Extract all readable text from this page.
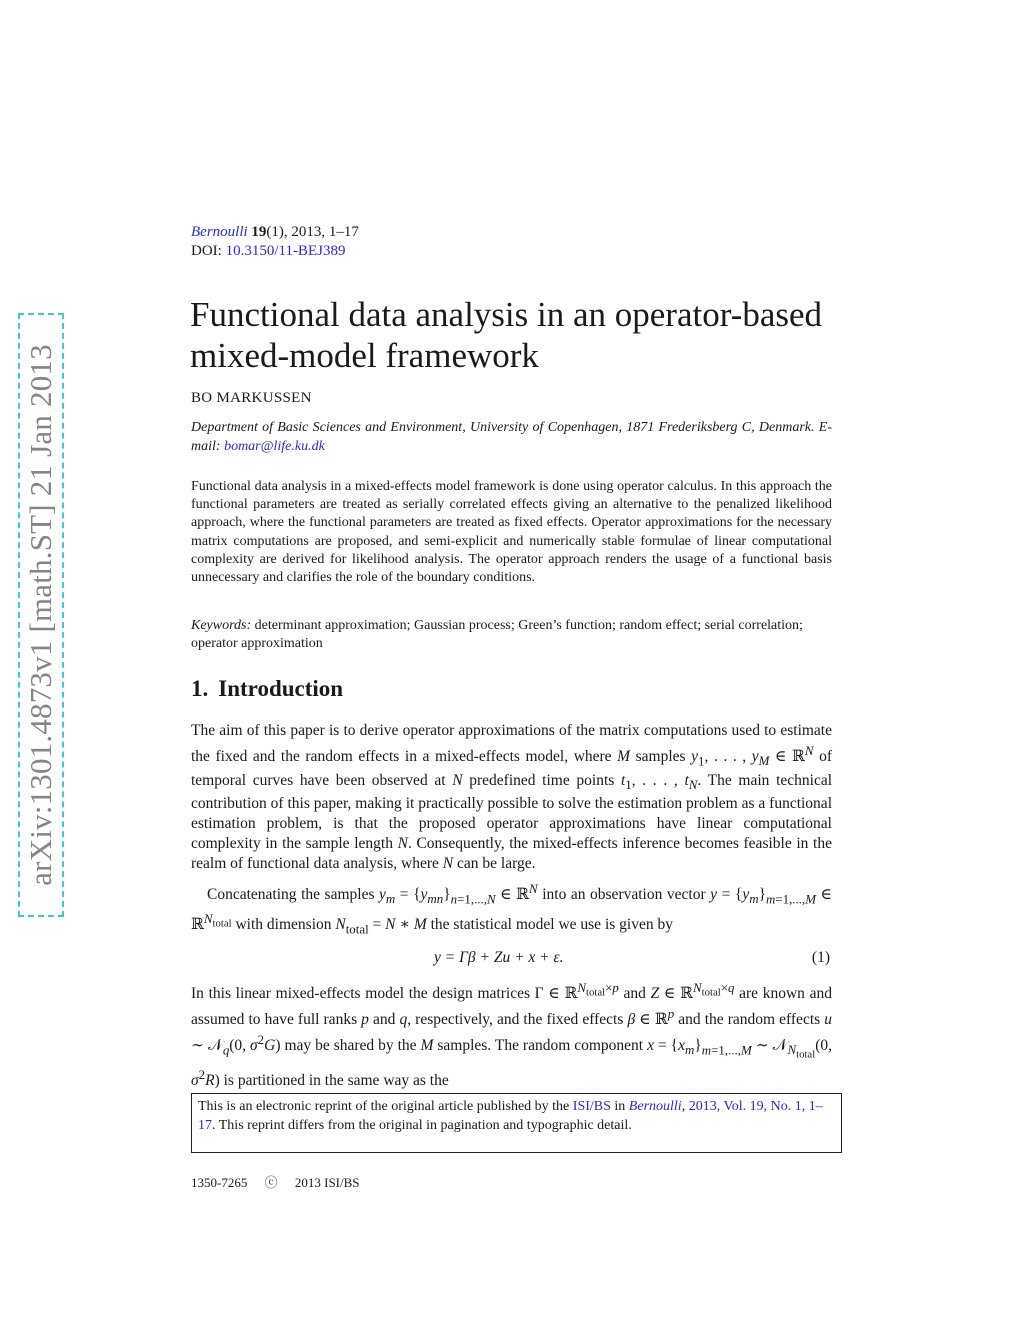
arXiv:1301.4873v1 [math.ST] 21 Jan 2013
Bernoulli 19(1), 2013, 1–17
DOI: 10.3150/11-BEJ389
Functional data analysis in an operator-based mixed-model framework
BO MARKUSSEN
Department of Basic Sciences and Environment, University of Copenhagen, 1871 Frederiksberg C, Denmark. E-mail: bomar@life.ku.dk

Functional data analysis in a mixed-effects model framework is done using operator calculus. In this approach the functional parameters are treated as serially correlated effects giving an alternative to the penalized likelihood approach, where the functional parameters are treated as fixed effects. Operator approximations for the necessary matrix computations are proposed, and semi-explicit and numerically stable formulae of linear computational complexity are derived for likelihood analysis. The operator approach renders the usage of a functional basis unnecessary and clarifies the role of the boundary conditions.

Keywords: determinant approximation; Gaussian process; Green’s function; random effect; serial correlation; operator approximation
1. Introduction

The aim of this paper is to derive operator approximations of the matrix computations used to estimate the fixed and the random effects in a mixed-effects model, where M samples $y_1$, . . . , $y_M$ ∈ ℝ$^N$ of temporal curves have been observed at N predefined time points $t_1$, . . . , $t_N$. The main technical contribution of this paper, making it practically possible to solve the estimation problem as a functional estimation problem, is that the proposed operator approximations have linear computational complexity in the sample length N. Consequently, the mixed-effects inference becomes feasible in the realm of functional data analysis, where N can be large.

Concatenating the samples $y_m = \{y_{mn}\}_{n=1,...,N}$ ∈ ℝ$^N$ into an observation vector $y = \{y_m\}_{m=1,...,M}$ ∈ ℝ$^{N_{total}}$ with dimension $N_{total} = N$ ∗ M the statistical model we use is given by

y = Γβ + Zu + x + ε.	(1)

In this linear mixed-effects model the design matrices Γ ∈ ℝ$^{N_{total}\times p}$ and Z ∈ ℝ$^{N_{total}\times q}$ are known and assumed to have full ranks p and q, respectively, and the fixed effects β ∈ ℝ$^p$ and the random effects u ∼ 𝒩$_q$(0, $\sigma^2G$) may be shared by the M samples. The random component $x = \{x_m\}_{m=1,...,M}$ ∼ 𝒩$_{N_{total}}$(0, $\sigma^2R$) is partitioned in the same way as the

This is an electronic reprint of the original article published by the ISI/BS in Bernoulli, 2013, Vol. 19, No. 1, 1–17. This reprint differs from the original in pagination and typographic detail.
1350-7265 ⓒ 2013 ISI/BS
